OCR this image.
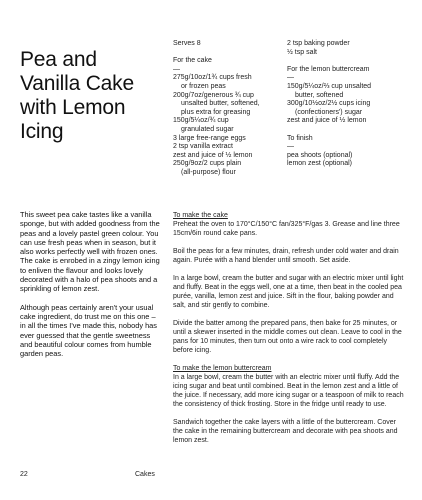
Pea and Vanilla Cake with Lemon Icing
Serves 8
For the cake
—
275g/10oz/1¾ cups fresh
or frozen peas
200g/7oz/generous ¾ cup
unsalted butter, softened,
plus extra for greasing
150g/5¼oz/¾ cup
granulated sugar
3 large free-range eggs
2 tsp vanilla extract
zest and juice of ½ lemon
250g/9oz/2 cups plain
(all-purpose) flour
2 tsp baking powder
½ tsp salt
For the lemon buttercream
—
150g/5¼oz/⅔ cup unsalted
butter, softened
300g/10½oz/2½ cups icing
(confectioners') sugar
zest and juice of ½ lemon
To finish
—
pea shoots (optional)
lemon zest (optional)

This sweet pea cake tastes like a vanilla sponge, but with added goodness from the peas and a lovely pastel green colour. You can use fresh peas when in season, but it also works perfectly well with frozen ones. The cake is enrobed in a zingy lemon icing to enliven the flavour and looks lovely decorated with a halo of pea shoots and a sprinkling of lemon zest.

Although peas certainly aren't your usual cake ingredient, do trust me on this one – in all the times I've made this, nobody has ever guessed that the gentle sweetness and beautiful colour comes from humble garden peas.

To make the cake

Preheat the oven to 170°C/150°C fan/325°F/gas 3. Grease and line three 15cm/6in round cake pans.

Boil the peas for a few minutes, drain, refresh under cold water and drain again. Purée with a hand blender until smooth. Set aside.

In a large bowl, cream the butter and sugar with an electric mixer until light and fluffy. Beat in the eggs well, one at a time, then beat in the cooled pea purée, vanilla, lemon zest and juice. Sift in the flour, baking powder and salt, and stir gently to combine.

Divide the batter among the prepared pans, then bake for 25 minutes, or until a skewer inserted in the middle comes out clean. Leave to cool in the pans for 10 minutes, then turn out onto a wire rack to cool completely before icing.

To make the lemon buttercream

In a large bowl, cream the butter with an electric mixer until fluffy. Add the icing sugar and beat until combined. Beat in the lemon zest and a little of the juice. If necessary, add more icing sugar or a teaspoon of milk to reach the consistency of thick frosting. Store in the fridge until ready to use.

Sandwich together the cake layers with a little of the buttercream. Cover the cake in the remaining buttercream and decorate with pea shoots and lemon zest.

22	Cakes
